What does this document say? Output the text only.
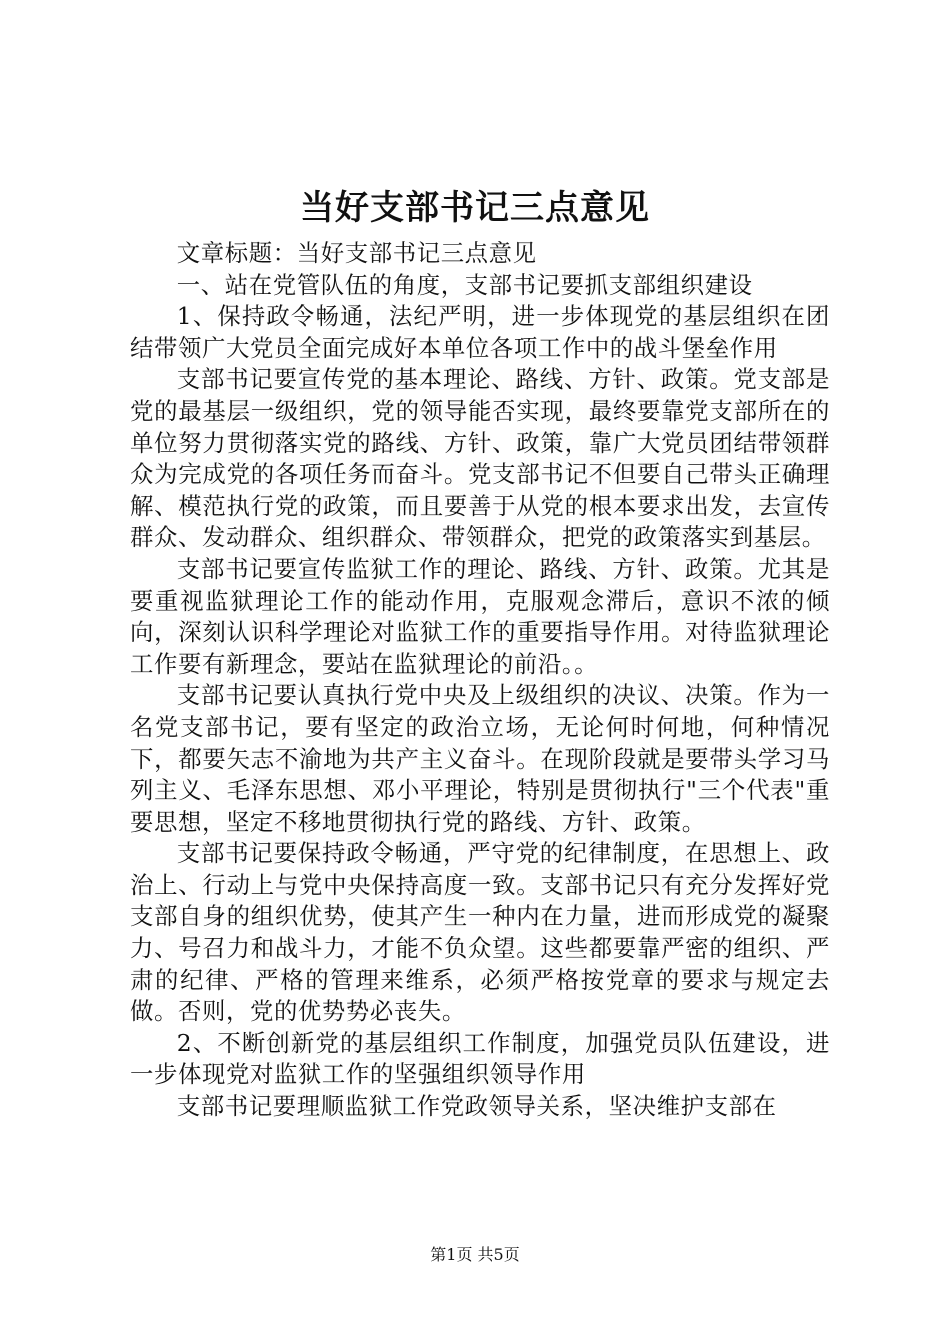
当好支部书记三点意见

文章标题：当好支部书记三点意见

一、站在党管队伍的角度，支部书记要抓支部组织建设

1、保持政令畅通，法纪严明，进一步体现党的基层组织在团结带领广大党员全面完成好本单位各项工作中的战斗堡垒作用

支部书记要宣传党的基本理论、路线、方针、政策。党支部是党的最基层一级组织，党的领导能否实现，最终要靠党支部所在的单位努力贯彻落实党的路线、方针、政策，靠广大党员团结带领群众为完成党的各项任务而奋斗。党支部书记不但要自己带头正确理解、模范执行党的政策，而且要善于从党的根本要求出发，去宣传群众、发动群众、组织群众、带领群众，把党的政策落实到基层。

支部书记要宣传监狱工作的理论、路线、方针、政策。尤其是要重视监狱理论工作的能动作用，克服观念滞后，意识不浓的倾向，深刻认识科学理论对监狱工作的重要指导作用。对待监狱理论工作要有新理念，要站在监狱理论的前沿。。

支部书记要认真执行党中央及上级组织的决议、决策。作为一名党支部书记，要有坚定的政治立场，无论何时何地，何种情况下，都要矢志不渝地为共产主义奋斗。在现阶段就是要带头学习马列主义、毛泽东思想、邓小平理论，特别是贯彻执行"三个代表"重要思想，坚定不移地贯彻执行党的路线、方针、政策。

支部书记要保持政令畅通，严守党的纪律制度，在思想上、政治上、行动上与党中央保持高度一致。支部书记只有充分发挥好党支部自身的组织优势，使其产生一种内在力量，进而形成党的凝聚力、号召力和战斗力，才能不负众望。这些都要靠严密的组织、严肃的纪律、严格的管理来维系，必须严格按党章的要求与规定去做。否则，党的优势势必丧失。

2、不断创新党的基层组织工作制度，加强党员队伍建设，进一步体现党对监狱工作的坚强组织领导作用

支部书记要理顺监狱工作党政领导关系，坚决维护支部在

第1页 共5页
